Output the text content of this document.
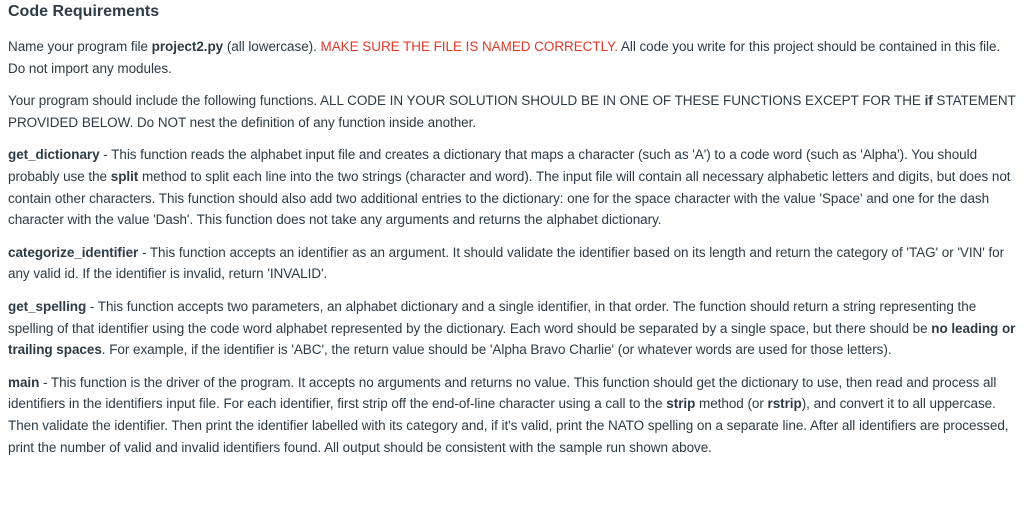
Code Requirements

Name your program file project2.py (all lowercase). MAKE SURE THE FILE IS NAMED CORRECTLY. All code you write for this project should be contained in this file. Do not import any modules.

Your program should include the following functions. ALL CODE IN YOUR SOLUTION SHOULD BE IN ONE OF THESE FUNCTIONS EXCEPT FOR THE if STATEMENT PROVIDED BELOW. Do NOT nest the definition of any function inside another.

get_dictionary - This function reads the alphabet input file and creates a dictionary that maps a character (such as 'A') to a code word (such as 'Alpha'). You should probably use the split method to split each line into the two strings (character and word). The input file will contain all necessary alphabetic letters and digits, but does not contain other characters. This function should also add two additional entries to the dictionary: one for the space character with the value 'Space' and one for the dash character with the value 'Dash'. This function does not take any arguments and returns the alphabet dictionary.

categorize_identifier - This function accepts an identifier as an argument. It should validate the identifier based on its length and return the category of 'TAG' or 'VIN' for any valid id. If the identifier is invalid, return 'INVALID'.

get_spelling - This function accepts two parameters, an alphabet dictionary and a single identifier, in that order. The function should return a string representing the spelling of that identifier using the code word alphabet represented by the dictionary. Each word should be separated by a single space, but there should be no leading or trailing spaces. For example, if the identifier is 'ABC', the return value should be 'Alpha Bravo Charlie' (or whatever words are used for those letters).

main - This function is the driver of the program. It accepts no arguments and returns no value. This function should get the dictionary to use, then read and process all identifiers in the identifiers input file. For each identifier, first strip off the end-of-line character using a call to the strip method (or rstrip), and convert it to all uppercase. Then validate the identifier. Then print the identifier labelled with its category and, if it's valid, print the NATO spelling on a separate line. After all identifiers are processed, print the number of valid and invalid identifiers found. All output should be consistent with the sample run shown above.
